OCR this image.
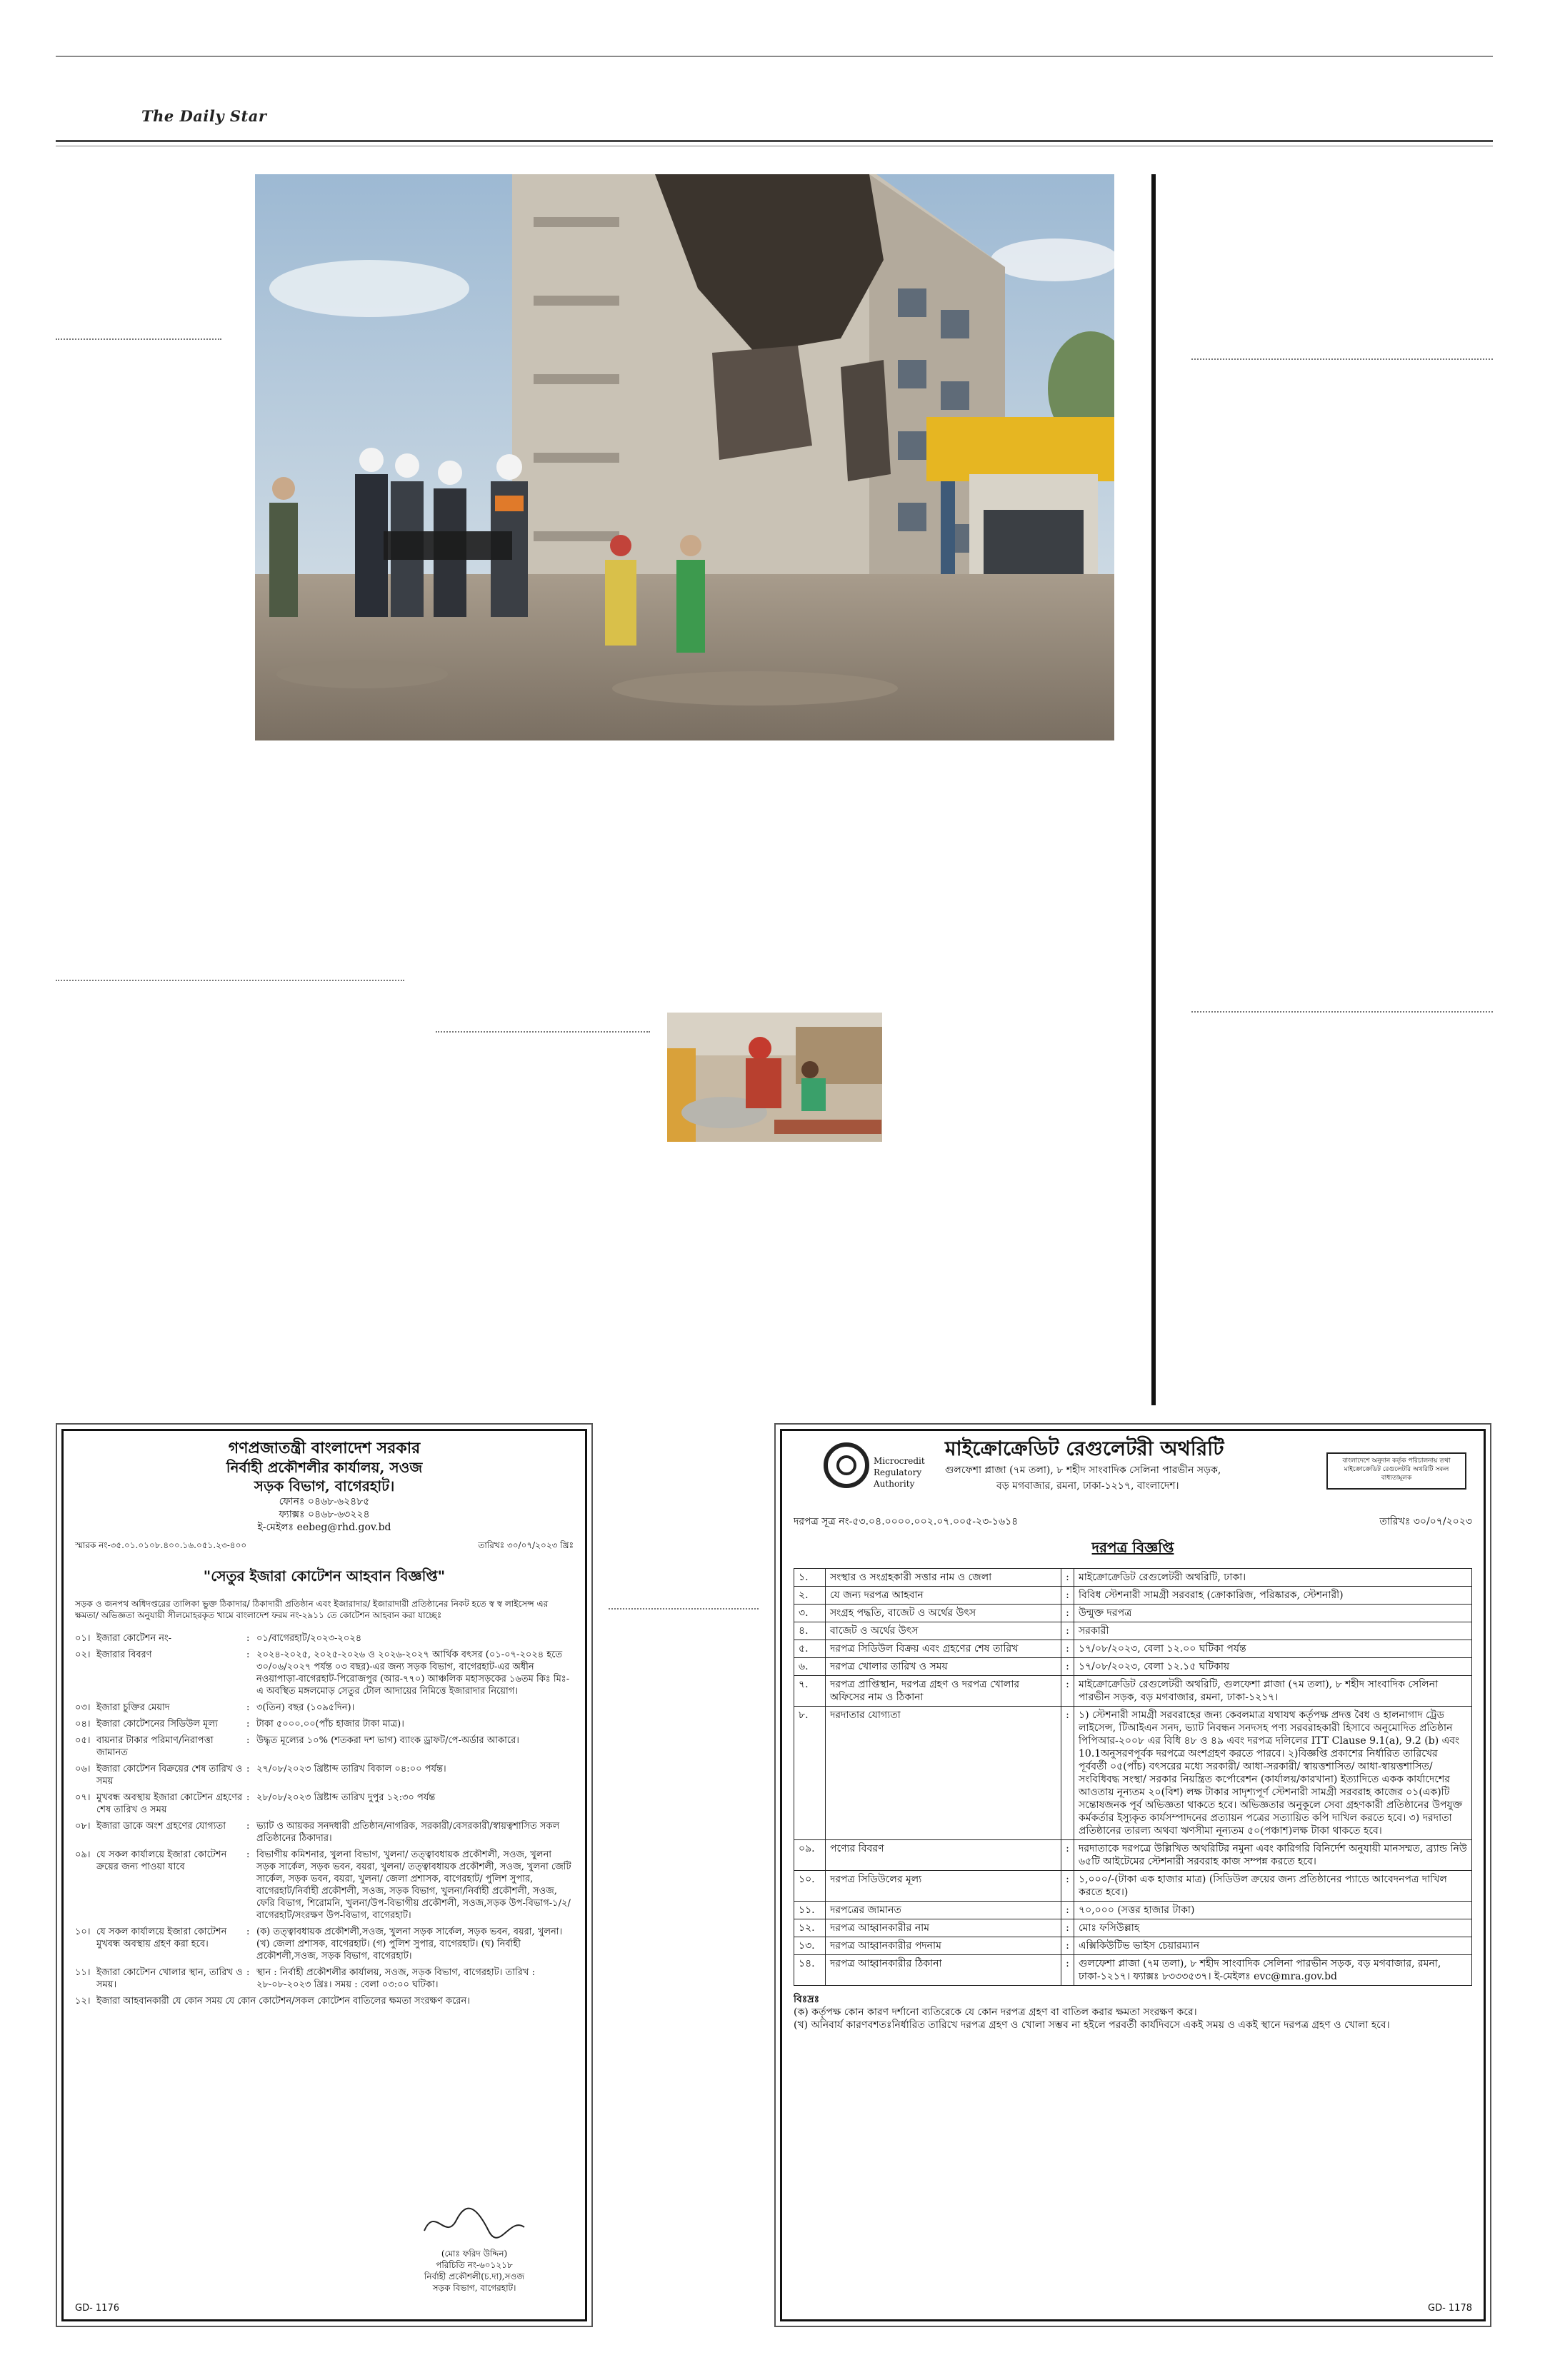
The Daily Star
গণপ্রজাতন্ত্রী বাংলাদেশ সরকার
নির্বাহী প্রকৌশলীর কার্যালয়, সওজ
সড়ক বিভাগ, বাগেরহাট।
ফোনঃ ০৪৬৮-৬২৪৮৫
ফ্যাক্সঃ ০৪৬৮-৬৩২২৪
ই-মেইলঃ eebeg@rhd.gov.bd
স্মারক নং-৩৫.০১.০১০৮.৪০০.১৬.০৫১.২৩-৪০০	তারিখঃ ৩০/০৭/২০২৩ খ্রিঃ
"সেতুর ইজারা কোটেশন আহবান বিজ্ঞপ্তি"
সড়ক ও জনপথ অধিদপ্তরের তালিকা ভুক্ত ঠিকাদার/ ঠিকাদারী প্রতিষ্ঠান এবং ইজারাদার/ ইজারাদারী প্রতিষ্ঠানের নিকট হতে স্ব স্ব লাইসেন্স এর ক্ষমতা/ অভিজ্ঞতা অনুযায়ী সীলমোহরকৃত খামে বাংলাদেশ ফরম নং-২৯১১ তে কোটেশন আহবান করা যাচ্ছেঃ
০১। ইজারা কোটেশন নং-	: ০১/বাগেরহাট/২০২৩-২০২৪
০২। ইজারার বিবরণ	: ২০২৪-২০২৫, ২০২৫-২০২৬ ও ২০২৬-২০২৭ আর্থিক বৎসর (০১-০৭-২০২৪ হতে ৩০/০৬/২০২৭ পর্যন্ত ০৩ বছর)-এর জন্য সড়ক বিভাগ, বাগেরহাট-এর অধীন নওয়াপাড়া-বাগেরহাট-পিরোজপুর (আর-৭৭০) আঞ্চলিক মহাসড়কের ১৬তম কিঃ মিঃ-এ অবস্থিত মঙ্গলমোড় সেতুর টোল আদায়ের নিমিত্তে ইজারাদার নিয়োগ।
০৩। ইজারা চুক্তির মেয়াদ	: ৩(তিন) বছর (১০৯৫দিন)।
০৪। ইজারা কোটেশনের সিডিউল মূল্য	: টাকা ৫০০০.০০(পাঁচ হাজার টাকা মাত্র)।
০৫। বায়নার টাকার পরিমাণ/নিরাপত্তা জামানত
: উদ্ধৃত মূল্যের ১০% (শতকরা দশ ভাগ) ব্যাংক ড্রাফট/পে-অর্ডার আকারে।
০৬। ইজারা কোটেশন বিক্রয়ের শেষ তারিখ ও সময়
: ২৭/০৮/২০২৩ খ্রিষ্টাব্দ তারিখ বিকাল ০৪:০০ পর্যন্ত।
০৭। মুখবন্ধ অবস্থায় ইজারা কোটেশন গ্রহণের শেষ তারিখ ও সময়
: ২৮/০৮/২০২৩ খ্রিষ্টাব্দ তারিখ দুপুর ১২:৩০ পর্যন্ত
০৮। ইজারা ডাকে অংশ গ্রহণের যোগ্যতা	: ভ্যাট ও আয়কর সনদধারী প্রতিষ্ঠান/নাগরিক, সরকারী/বেসরকারী/স্বায়ত্বশাসিত সকল প্রতিষ্ঠানের ঠিকাদার।
০৯। যে সকল কার্যালয়ে ইজারা কোটেশন ক্রয়ের জন্য পাওয়া যাবে
: বিভাগীয় কমিশনার, খুলনা বিভাগ, খুলনা/ তত্ত্বাবধায়ক প্রকৌশলী, সওজ, খুলনা সড়ক সার্কেল, সড়ক ভবন, বয়রা, খুলনা/ তত্ত্বাবধায়ক প্রকৌশলী, সওজ, খুলনা জেটি সার্কেল, সড়ক ভবন, বয়রা, খুলনা/ জেলা প্রশাসক, বাগেরহাট/ পুলিশ সুপার, বাগেরহাট/নির্বাহী প্রকৌশলী, সওজ, সড়ক বিভাগ, খুলনা/নির্বাহী প্রকৌশলী, সওজ, ফেরি বিভাগ, শিরোমনি, খুলনা/উপ-বিভাগীয় প্রকৌশলী, সওজ,সড়ক উপ-বিভাগ-১/২/বাগেরহাট/সংরক্ষণ উপ-বিভাগ, বাগেরহাট।
১০। যে সকল কার্যালয়ে ইজারা কোটেশন মুখবন্ধ অবস্থায় গ্রহণ করা হবে।
: (ক) তত্ত্বাবধায়ক প্রকৌশলী,সওজ, খুলনা সড়ক সার্কেল, সড়ক ভবন, বয়রা, খুলনা। (খ) জেলা প্রশাসক, বাগেরহাট। (গ) পুলিশ সুপার, বাগেরহাট। (ঘ) নির্বাহী প্রকৌশলী,সওজ, সড়ক বিভাগ, বাগেরহাট।
১১। ইজারা কোটেশন খোলার স্থান, তারিখ ও সময়।
: স্থান : নির্বাহী প্রকৌশলীর কার্যালয়, সওজ, সড়ক বিভাগ, বাগেরহাট। তারিখ : ২৮-০৮-২০২৩ খ্রিঃ। সময় : বেলা ০৩:০০ ঘটিকা।
১২। ইজারা আহবানকারী যে কোন সময় যে কোন কোটেশন/সকল কোটেশন বাতিলের ক্ষমতা সংরক্ষণ করেন।
(মোঃ ফরিদ উদ্দিন)
পরিচিতি নং-৬০১২১৮
নির্বাহী প্রকৌশলী(চ.দা),সওজ
সড়ক বিভাগ, বাগেরহাট।
GD- 1176
Microcredit Regulatory Authority
মাইক্রোক্রেডিট রেগুলেটরী অথরিটি
গুলফেশা প্লাজা (৭ম তলা), ৮ শহীদ সাংবাদিক সেলিনা পারভীন সড়ক,
বড় মগবাজার, রমনা, ঢাকা-১২১৭, বাংলাদেশ।
বাংলাদেশে অনুদান কর্তৃক পরিচালনায় তথা মাইক্রোক্রেডিট রেগুলেটরি অথরিটি সকল বাধ্যতামূলক
দরপত্র সূত্র নং-৫৩.০৪.০০০০.০০২.০৭.০০৫-২৩-১৬১৪	তারিখঃ ৩০/০৭/২০২৩
দরপত্র বিজ্ঞপ্তি
১.	সংস্থার ও সংগ্রহকারী সত্তার নাম ও জেলা	:	মাইক্রোক্রেডিট রেগুলেটরী অথরিটি, ঢাকা।
২.	যে জন্য দরপত্র আহবান	:	বিবিধ স্টেশনারী সামগ্রী সরবরাহ (ক্রোকারিজ, পরিষ্কারক, স্টেশনারী)
৩.	সংগ্রহ পদ্ধতি, বাজেট ও অর্থের উৎস	:	উন্মুক্ত দরপত্র
৪.	বাজেট ও অর্থের উৎস	:	সরকারী
৫.	দরপত্র সিডিউল বিক্রয় এবং গ্রহণের শেষ তারিখ	:	১৭/০৮/২০২৩, বেলা ১২.০০ ঘটিকা পর্যন্ত
৬.	দরপত্র খোলার তারিখ ও সময়	:	১৭/০৮/২০২৩, বেলা ১২.১৫ ঘটিকায়
৭.	দরপত্র প্রাপ্তিস্থান, দরপত্র গ্রহণ ও দরপত্র খোলার অফিসের নাম ও ঠিকানা	:	মাইক্রোক্রেডিট রেগুলেটরী অথরিটি, গুলফেশা প্লাজা (৭ম তলা), ৮ শহীদ সাংবাদিক সেলিনা পারভীন সড়ক, বড় মগবাজার, রমনা, ঢাকা-১২১৭।
৮.	দরদাতার যোগ্যতা	:	১) স্টেশনারী সামগ্রী সরবরাহের জন্য কেবলমাত্র যথাযথ কর্তৃপক্ষ প্রদত্ত বৈধ ও হালনাগাদ ট্রেড লাইসেন্স, টিআইএন সনদ, ভ্যাট নিবন্ধন সনদসহ পণ্য সরবরাহকারী হিসাবে অনুমোদিত প্রতিষ্ঠান পিপিআর-২০০৮ এর বিধি ৪৮ ও ৪৯ এবং দরপত্র দলিলের ITT Clause 9.1(a), 9.2 (b) এবং 10.1অনুসরণপূর্বক দরপত্রে অংশগ্রহণ করতে পারবে। ২)বিজ্ঞপ্তি প্রকাশের নির্ধারিত তারিখের পূর্ববর্তী ০৫(পাঁচ) বৎসরের মধ্যে সরকারী/ আধা-সরকারী/ স্বায়ত্তশাসিত/ আধা-স্বায়ত্তশাসিত/ সংবিধিবদ্ধ সংস্থা/ সরকার নিয়ন্ত্রিত কর্পোরেশন (কার্যালয়/কারখানা) ইত্যাদিতে একক কার্যাদেশের আওতায় নূন্যতম ২০(বিশ) লক্ষ টাকার সাদৃশ্যপূর্ণ স্টেশনারী সামগ্রী সরবরাহ কাজের ০১(এক)টি সন্তোষজনক পূর্ব অভিজ্ঞতা থাকতে হবে। অভিজ্ঞতার অনুকূলে সেবা গ্রহণকারী প্রতিষ্ঠানের উপযুক্ত কর্মকর্তার ইস্যুকৃত কার্যসম্পাদনের প্রত্যায়ন পত্রের সত্যায়িত কপি দাখিল করতে হবে। ৩) দরদাতা প্রতিষ্ঠানের তারল্য অথবা ঋণসীমা নূন্যতম ৫০(পঞ্চাশ)লক্ষ টাকা থাকতে হবে।
০৯.	পণ্যের বিবরণ	:	দরদাতাকে দরপত্রে উল্লিখিত অথরিটির নমুনা এবং কারিগরি বিনির্দেশ অনুযায়ী মানসম্মত, ব্র্যান্ড নিউ ৬৫টি আইটেমের স্টেশনারী সরবরাহ কাজ সম্পন্ন করতে হবে।
১০.	দরপত্র সিডিউলের মূল্য	:	১,০০০/-(টাকা এক হাজার মাত্র) (সিডিউল ক্রয়ের জন্য প্রতিষ্ঠানের প্যাডে আবেদনপত্র দাখিল করতে হবে।)
১১.	দরপত্রের জামানত	:	৭০,০০০ (সত্তর হাজার টাকা)
১২.	দরপত্র আহ্বানকারীর নাম	:	মোঃ ফসিউল্লাহ
১৩.	দরপত্র আহ্বানকারীর পদনাম	:	এক্সিকিউটিভ ভাইস চেয়ারম্যান
১৪.	দরপত্র আহ্বানকারীর ঠিকানা	:	গুলফেশা প্লাজা (৭ম তলা), ৮ শহীদ সাংবাদিক সেলিনা পারভীন সড়ক, বড় মগবাজার, রমনা, ঢাকা-১২১৭। ফ্যাক্সঃ ৮৩৩৩৫৩৭। ই-মেইলঃ evc@mra.gov.bd
বিঃদ্রঃ
(ক) কর্তৃপক্ষ কোন কারণ দর্শানো ব্যতিরেকে যে কোন দরপত্র গ্রহণ বা বাতিল করার ক্ষমতা সংরক্ষণ করে।
(খ) অনিবার্য কারণবশতঃনির্ধারিত তারিখে দরপত্র গ্রহণ ও খোলা সম্ভব না হইলে পরবর্তী কার্যদিবসে একই সময় ও একই স্থানে দরপত্র গ্রহণ ও খোলা হবে।
GD- 1178
